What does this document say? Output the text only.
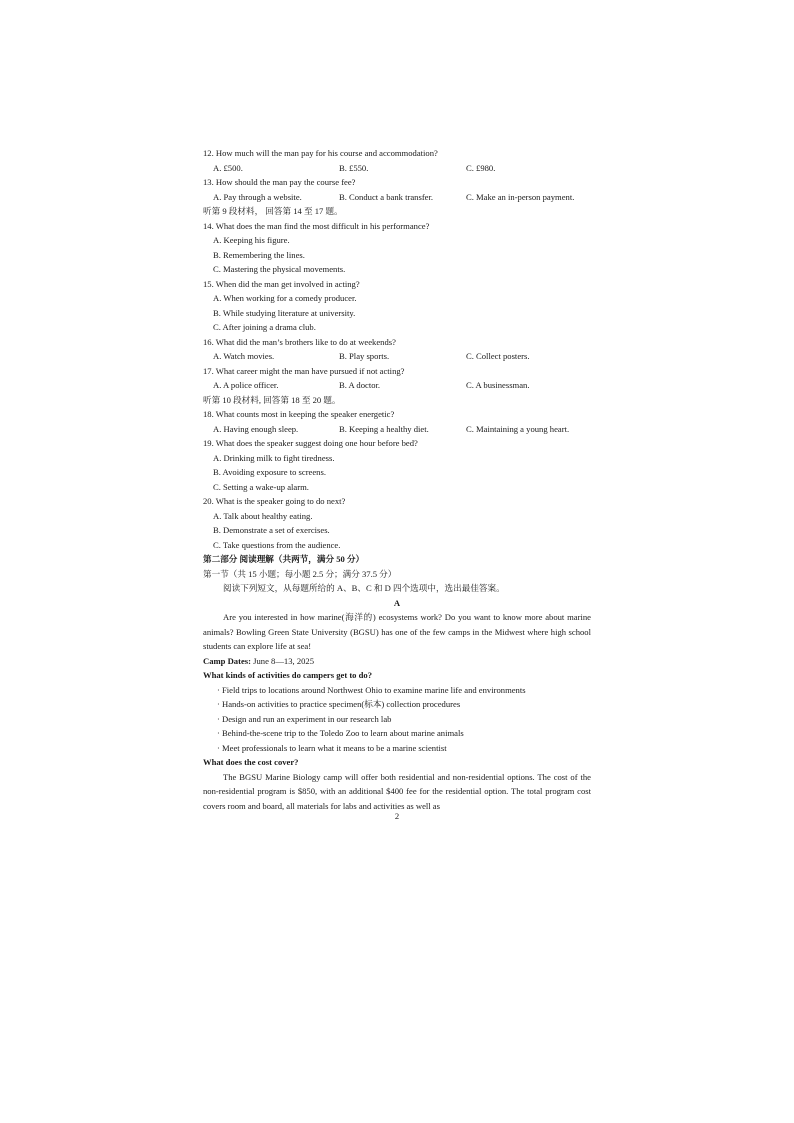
12. How much will the man pay for his course and accommodation?
A. £500.	B. £550.	C. £980.
13. How should the man pay the course fee?
A. Pay through a website.	B. Conduct a bank transfer.	C. Make an in-person payment.
听第 9 段材料， 回答第 14 至 17 题。
14. What does the man find the most difficult in his performance?
A. Keeping his figure.
B. Remembering the lines.
C. Mastering the physical movements.
15. When did the man get involved in acting?
A. When working for a comedy producer.
B. While studying literature at university.
C. After joining a drama club.
16. What did the man’s brothers like to do at weekends?
A. Watch movies.	B. Play sports.	C. Collect posters.
17. What career might the man have pursued if not acting?
A. A police officer.	B. A doctor.	C. A businessman.
听第 10 段材料, 回答第 18 至 20 题。
18. What counts most in keeping the speaker energetic?
A. Having enough sleep.	B. Keeping a healthy diet.	C. Maintaining a young heart.
19. What does the speaker suggest doing one hour before bed?
A. Drinking milk to fight tiredness.
B. Avoiding exposure to screens.
C. Setting a wake-up alarm.
20. What is the speaker going to do next?
A. Talk about healthy eating.
B. Demonstrate a set of exercises.
C. Take questions from the audience.
第二部分 阅读理解（共两节，满分 50 分）
第一节（共 15 小题；每小题 2.5 分；满分 37.5 分）
阅读下列短文，从每题所给的 A、B、C 和 D 四个选项中，选出最佳答案。
A
Are you interested in how marine(海洋的) ecosystems work? Do you want to know more about marine animals? Bowling Green State University (BGSU) has one of the few camps in the Midwest where high school students can explore life at sea!
Camp Dates: June 8—13, 2025
What kinds of activities do campers get to do?
· Field trips to locations around Northwest Ohio to examine marine life and environments
· Hands-on activities to practice specimen(标本) collection procedures
· Design and run an experiment in our research lab
· Behind-the-scene trip to the Toledo Zoo to learn about marine animals
· Meet professionals to learn what it means to be a marine scientist
What does the cost cover?
The BGSU Marine Biology camp will offer both residential and non-residential options. The cost of the non-residential program is $850, with an additional $400 fee for the residential option. The total program cost covers room and board, all materials for labs and activities as well as
2
